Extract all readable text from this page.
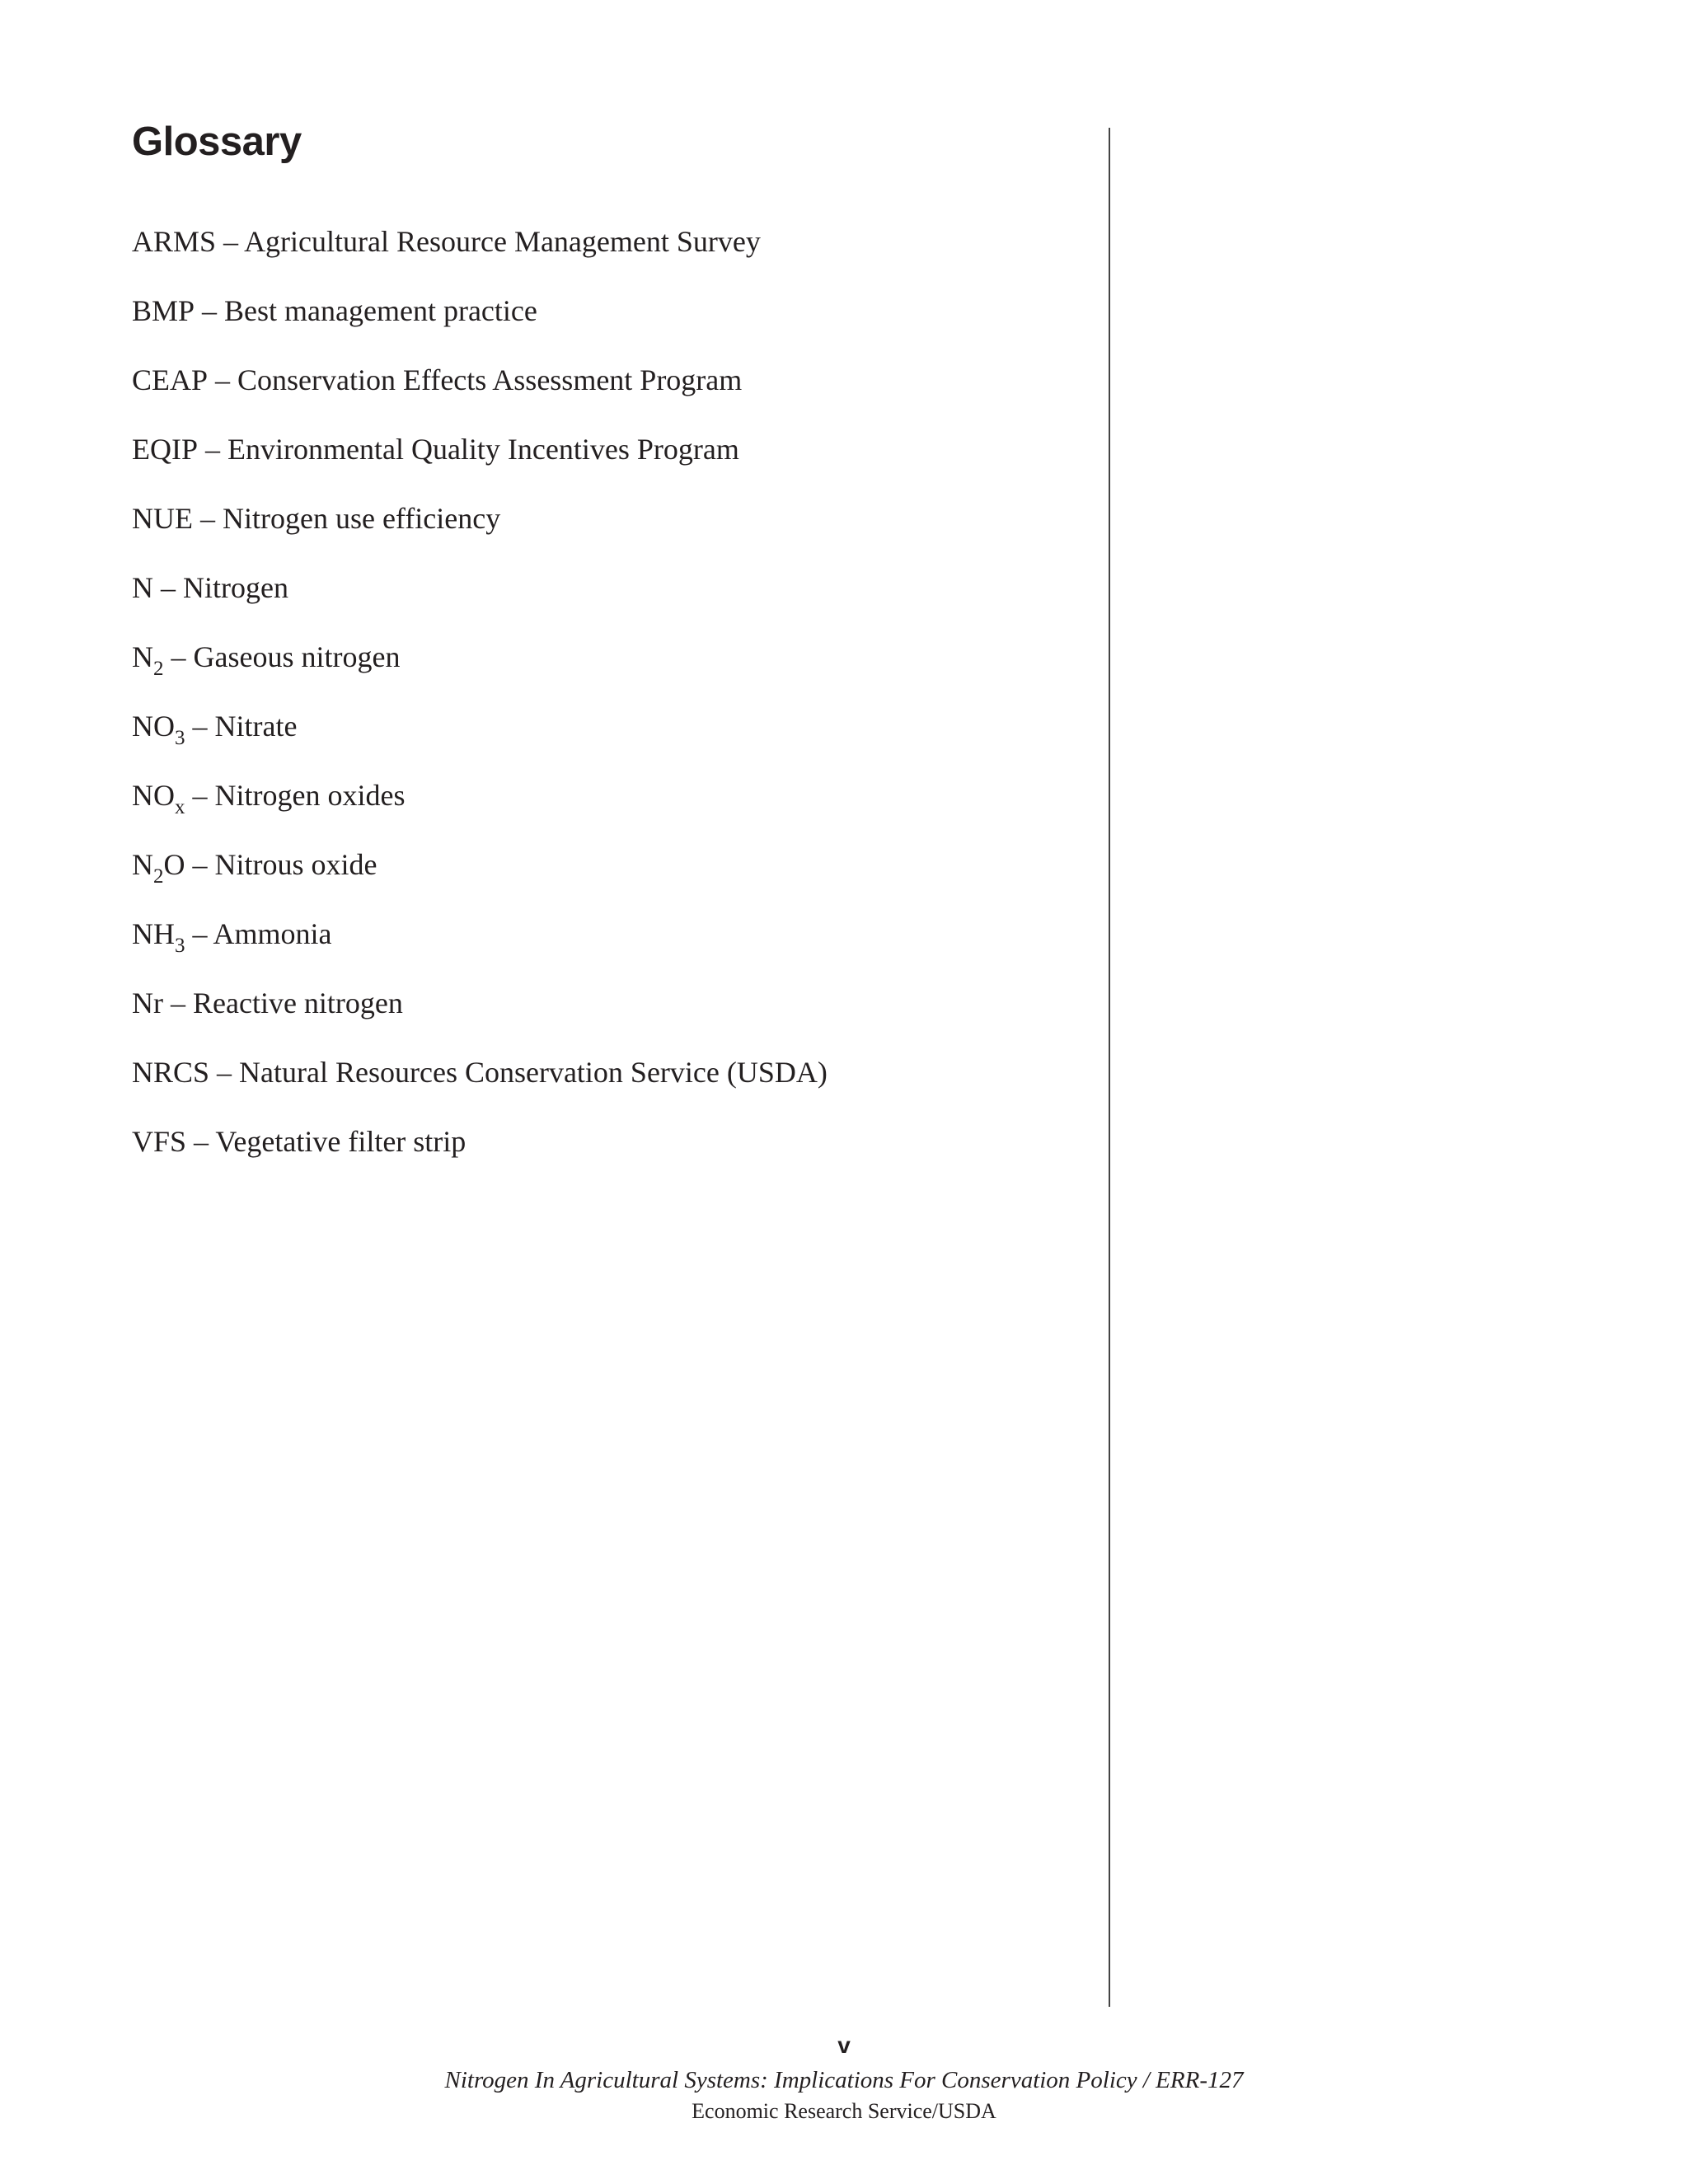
Glossary
ARMS – Agricultural Resource Management Survey
BMP – Best management practice
CEAP – Conservation Effects Assessment Program
EQIP – Environmental Quality Incentives Program
NUE – Nitrogen use efficiency
N – Nitrogen
$N_2$ – Gaseous nitrogen
$NO_3$ – Nitrate
$NO_x$ – Nitrogen oxides
$N_2O$ – Nitrous oxide
$NH_3$ – Ammonia
Nr – Reactive nitrogen
NRCS – Natural Resources Conservation Service (USDA)
VFS – Vegetative filter strip
v
Nitrogen In Agricultural Systems: Implications For Conservation Policy / ERR-127
Economic Research Service/USDA
